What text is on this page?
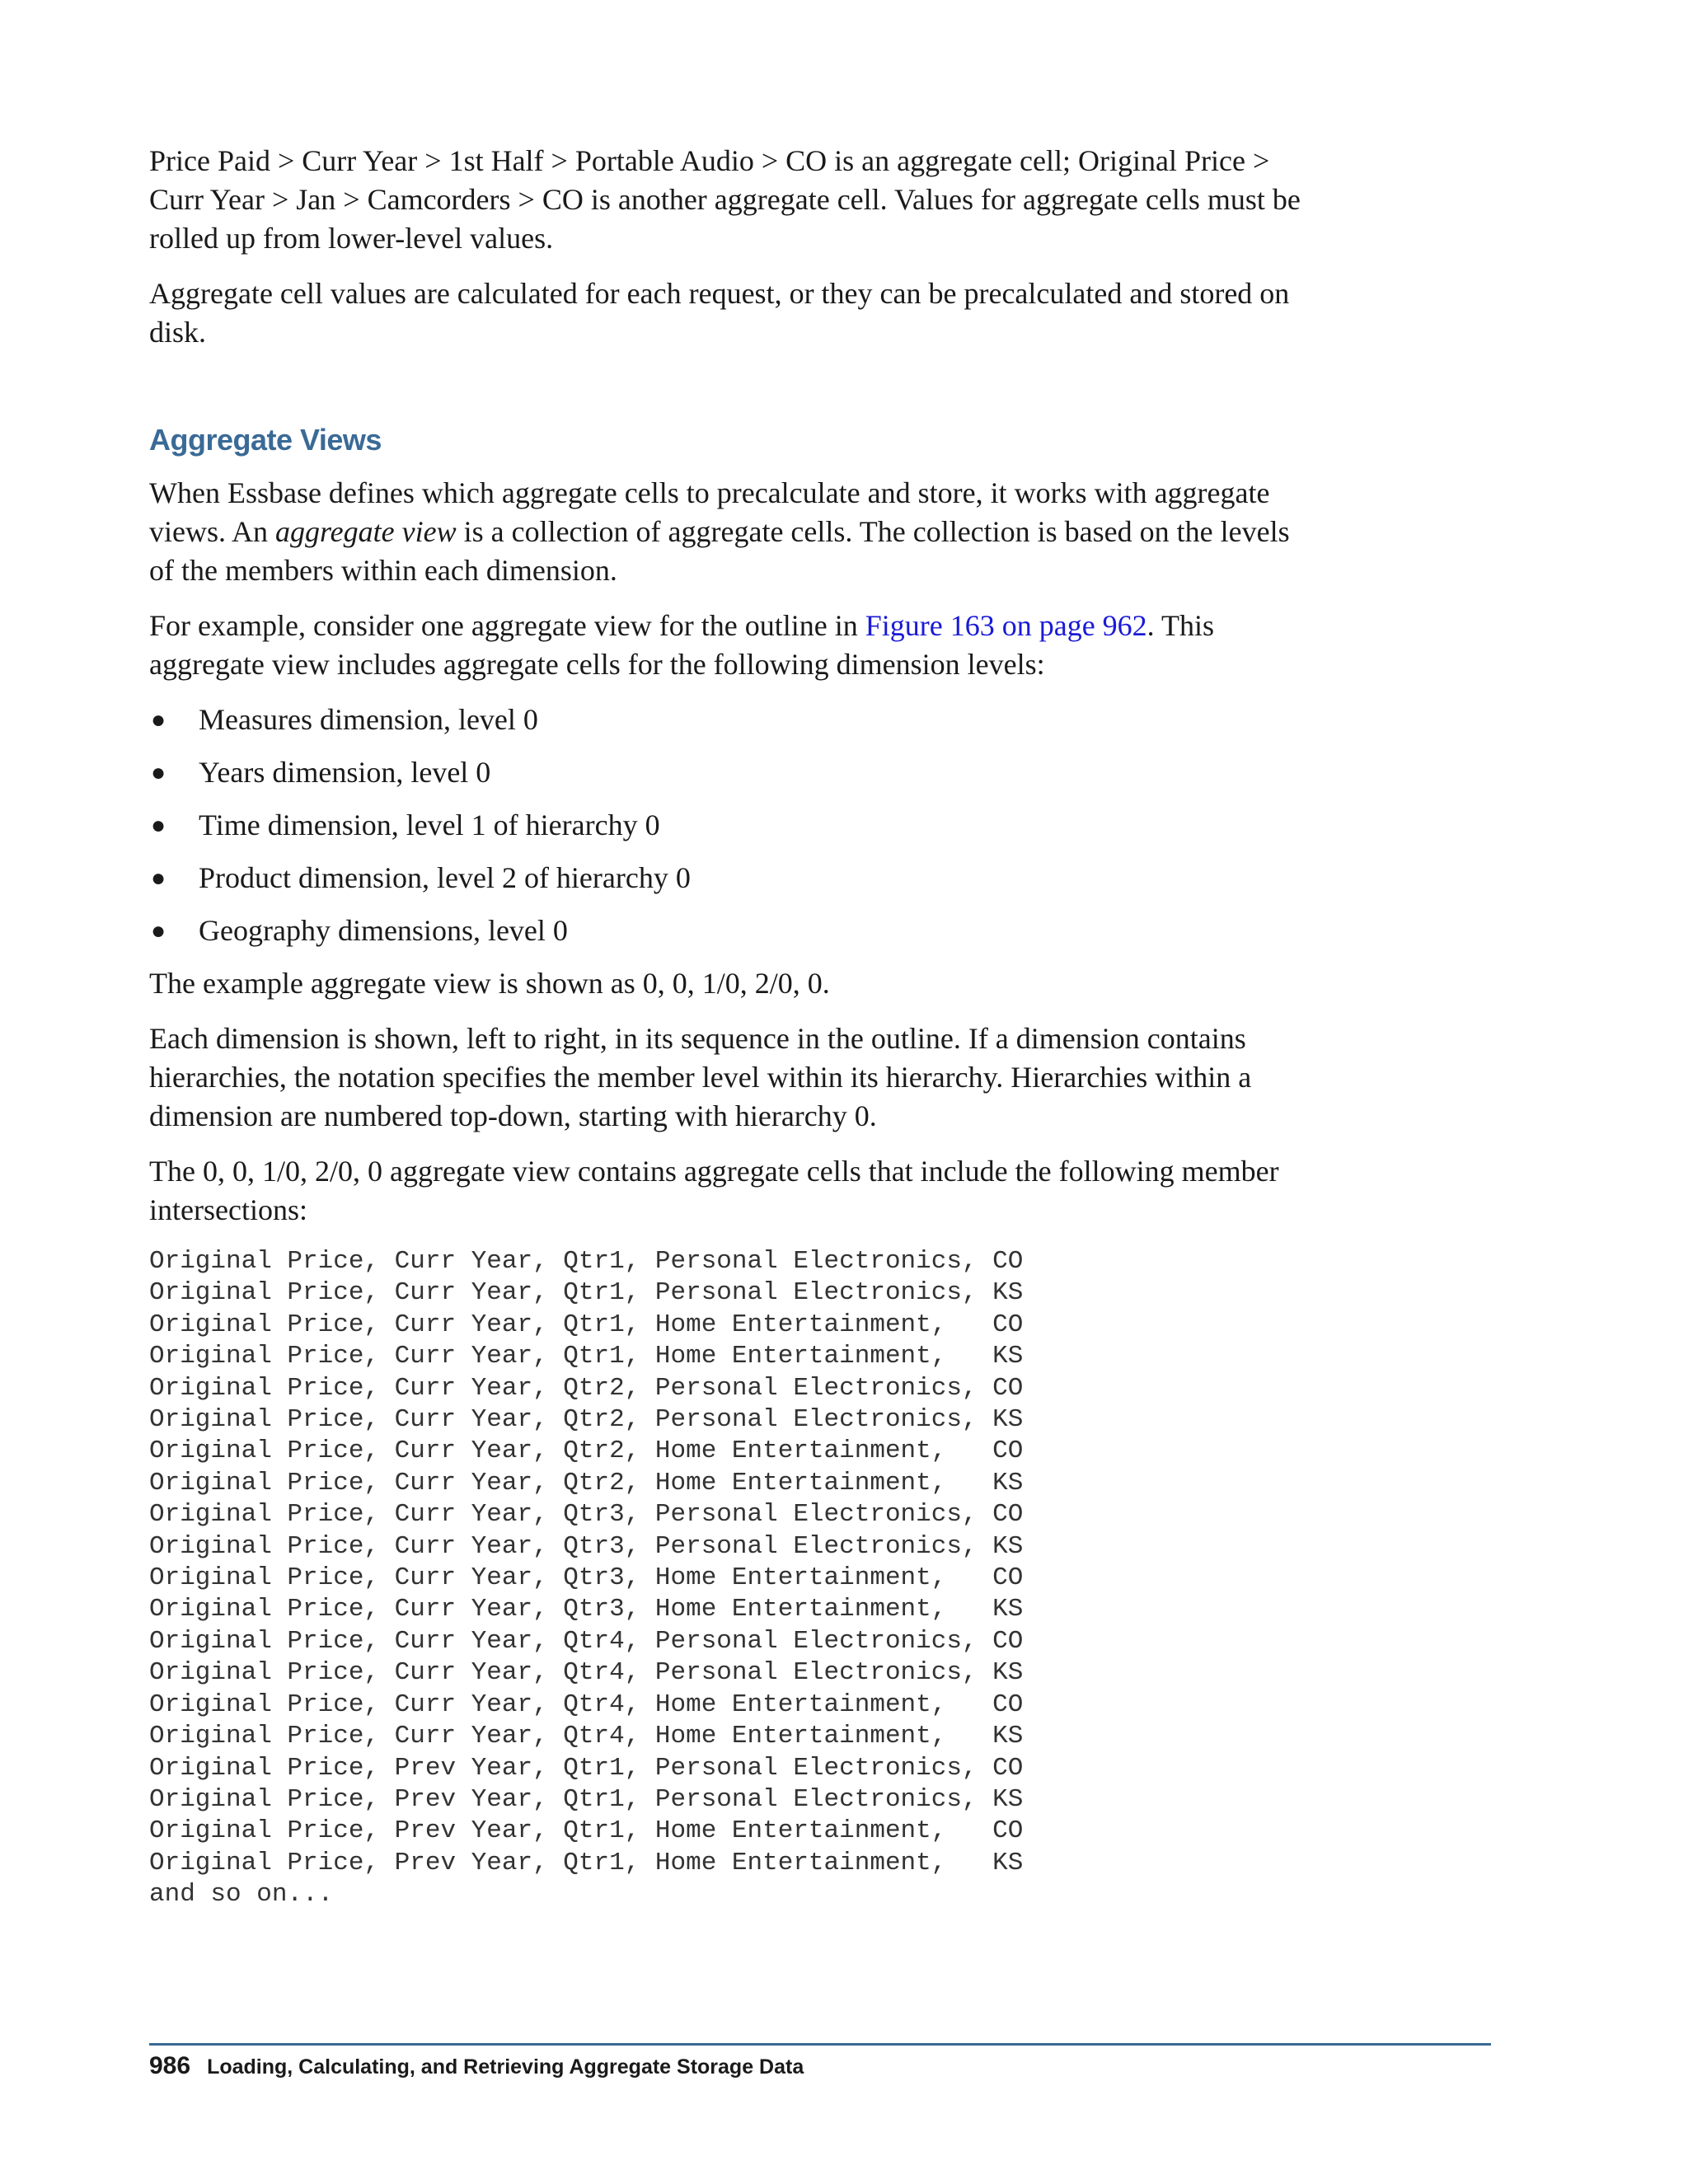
Price Paid > Curr Year > 1st Half > Portable Audio > CO is an aggregate cell; Original Price > Curr Year > Jan > Camcorders > CO is another aggregate cell. Values for aggregate cells must be rolled up from lower-level values.

Aggregate cell values are calculated for each request, or they can be precalculated and stored on disk.

Aggregate Views

When Essbase defines which aggregate cells to precalculate and store, it works with aggregate views. An aggregate view is a collection of aggregate cells. The collection is based on the levels of the members within each dimension.

For example, consider one aggregate view for the outline in Figure 163 on page 962. This aggregate view includes aggregate cells for the following dimension levels:

● Measures dimension, level 0
● Years dimension, level 0
● Time dimension, level 1 of hierarchy 0
● Product dimension, level 2 of hierarchy 0
● Geography dimensions, level 0

The example aggregate view is shown as 0, 0, 1/0, 2/0, 0.

Each dimension is shown, left to right, in its sequence in the outline. If a dimension contains hierarchies, the notation specifies the member level within its hierarchy. Hierarchies within a dimension are numbered top-down, starting with hierarchy 0.

The 0, 0, 1/0, 2/0, 0 aggregate view contains aggregate cells that include the following member intersections:

Original Price, Curr Year, Qtr1, Personal Electronics, CO
Original Price, Curr Year, Qtr1, Personal Electronics, KS
Original Price, Curr Year, Qtr1, Home Entertainment,   CO
Original Price, Curr Year, Qtr1, Home Entertainment,   KS
Original Price, Curr Year, Qtr2, Personal Electronics, CO
Original Price, Curr Year, Qtr2, Personal Electronics, KS
Original Price, Curr Year, Qtr2, Home Entertainment,   CO
Original Price, Curr Year, Qtr2, Home Entertainment,   KS
Original Price, Curr Year, Qtr3, Personal Electronics, CO
Original Price, Curr Year, Qtr3, Personal Electronics, KS
Original Price, Curr Year, Qtr3, Home Entertainment,   CO
Original Price, Curr Year, Qtr3, Home Entertainment,   KS
Original Price, Curr Year, Qtr4, Personal Electronics, CO
Original Price, Curr Year, Qtr4, Personal Electronics, KS
Original Price, Curr Year, Qtr4, Home Entertainment,   CO
Original Price, Curr Year, Qtr4, Home Entertainment,   KS
Original Price, Prev Year, Qtr1, Personal Electronics, CO
Original Price, Prev Year, Qtr1, Personal Electronics, KS
Original Price, Prev Year, Qtr1, Home Entertainment,   CO
Original Price, Prev Year, Qtr1, Home Entertainment,   KS
and so on...
986 Loading, Calculating, and Retrieving Aggregate Storage Data
